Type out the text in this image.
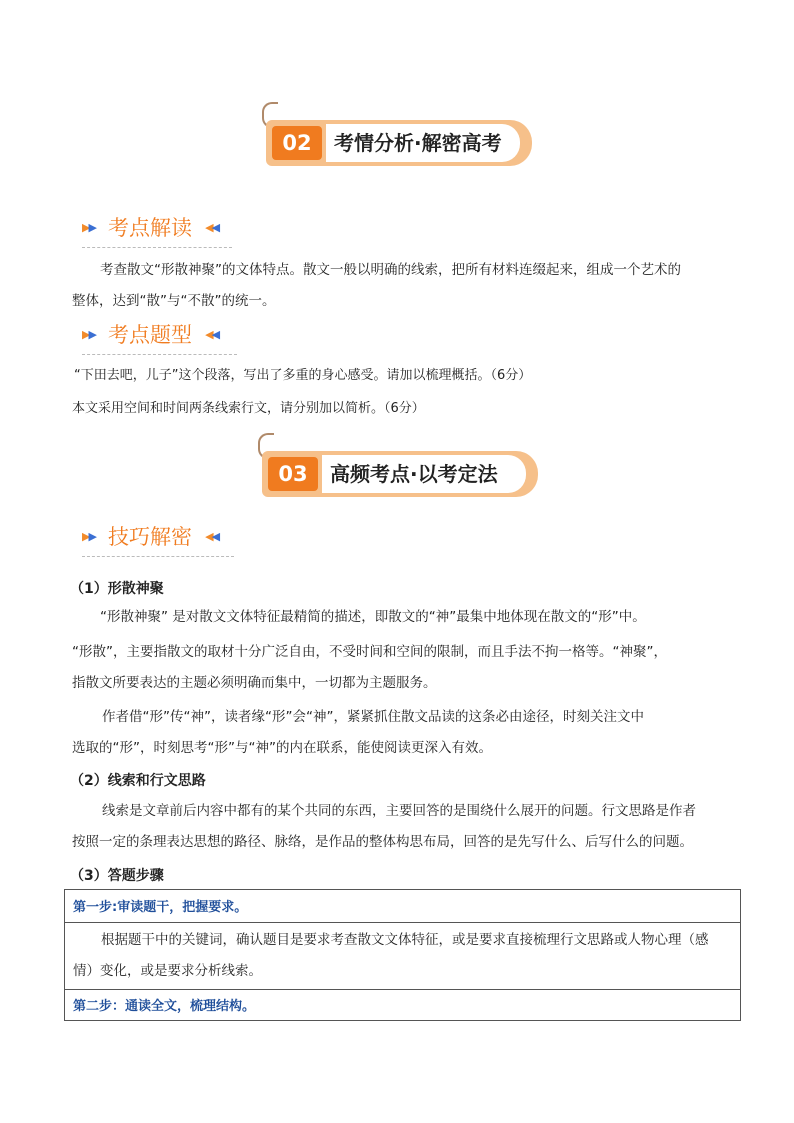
02	考情分析·解密高考
▶▶ 考点解读 ◀◀
考查散文“形散神聚”的文体特点。散文一般以明确的线索，把所有材料连缀起来，组成一个艺术的
整体，达到“散”与“不散”的统一。
▶▶ 考点题型 ◀◀
“下田去吧，儿子”这个段落，写出了多重的身心感受。请加以梳理概括。（6分）
本文采用空间和时间两条线索行文，请分别加以简析。（6分）
03	高频考点·以考定法
▶▶ 技巧解密 ◀◀
（1）形散神聚
“形散神聚” 是对散文文体特征最精简的描述，即散文的“神”最集中地体现在散文的“形”中。
“形散”，主要指散文的取材十分广泛自由，不受时间和空间的限制，而且手法不拘一格等。“神聚”，
指散文所要表达的主题必须明确而集中，一切都为主题服务。
作者借“形”传“神”，读者缘“形”会“神”，紧紧抓住散文品读的这条必由途径，时刻关注文中
选取的“形”，时刻思考“形”与“神”的内在联系，能使阅读更深入有效。
（2）线索和行文思路
线索是文章前后内容中都有的某个共同的东西，主要回答的是围绕什么展开的问题。行文思路是作者
按照一定的条理表达思想的路径、脉络，是作品的整体构思布局，回答的是先写什么、后写什么的问题。
（3）答题步骤
第一步:审读题干，把握要求。
根据题干中的关键词，确认题目是要求考查散文文体特征，或是要求直接梳理行文思路或人物心理（感
情）变化，或是要求分析线索。
第二步：通读全文，梳理结构。
